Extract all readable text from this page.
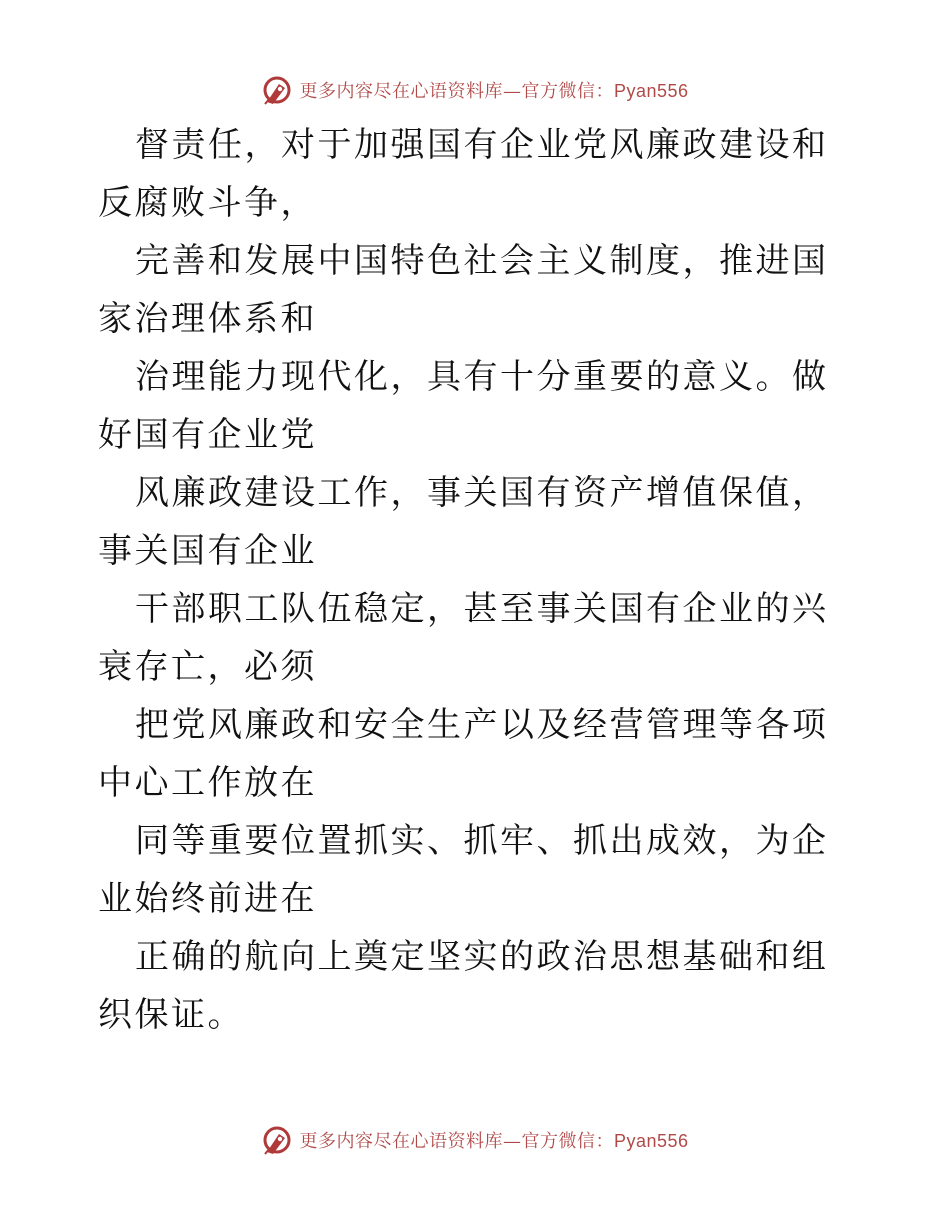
更多内容尽在心语资料库—官方微信：Pyan556

督责任，对于加强国有企业党风廉政建设和反腐败斗争，

完善和发展中国特色社会主义制度，推进国家治理体系和

治理能力现代化，具有十分重要的意义。做好国有企业党

风廉政建设工作，事关国有资产增值保值，事关国有企业

干部职工队伍稳定，甚至事关国有企业的兴衰存亡，必须

把党风廉政和安全生产以及经营管理等各项中心工作放在

同等重要位置抓实、抓牢、抓出成效，为企业始终前进在

正确的航向上奠定坚实的政治思想基础和组织保证。

更多内容尽在心语资料库—官方微信：Pyan556
